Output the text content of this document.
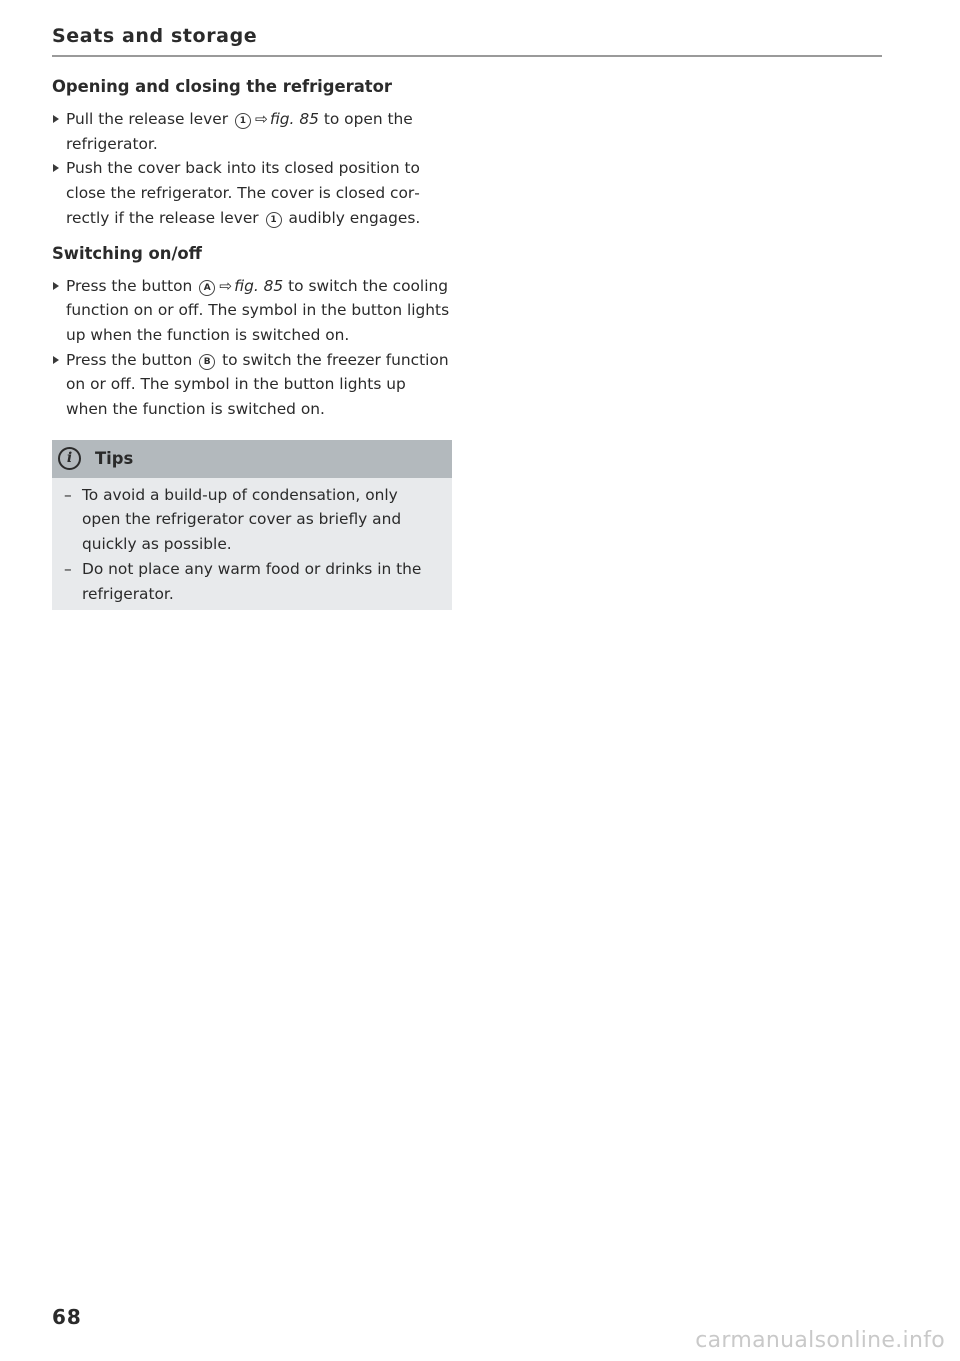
Seats and storage
Opening and closing the refrigerator

Pull the release lever 1 ⇨ fig. 85 to open the refrigerator.

Push the cover back into its closed position to close the refrigerator. The cover is closed correctly if the release lever 1 audibly engages.

Switching on/off

Press the button A ⇨ fig. 85 to switch the cooling function on or off. The symbol in the button lights up when the function is switched on.

Press the button B to switch the freezer function on or off. The symbol in the button lights up when the function is switched on.

i	Tips

– To avoid a build-up of condensation, only open the refrigerator cover as briefly and quickly as possible.

– Do not place any warm food or drinks in the refrigerator.

68
carmanualsonline.info
